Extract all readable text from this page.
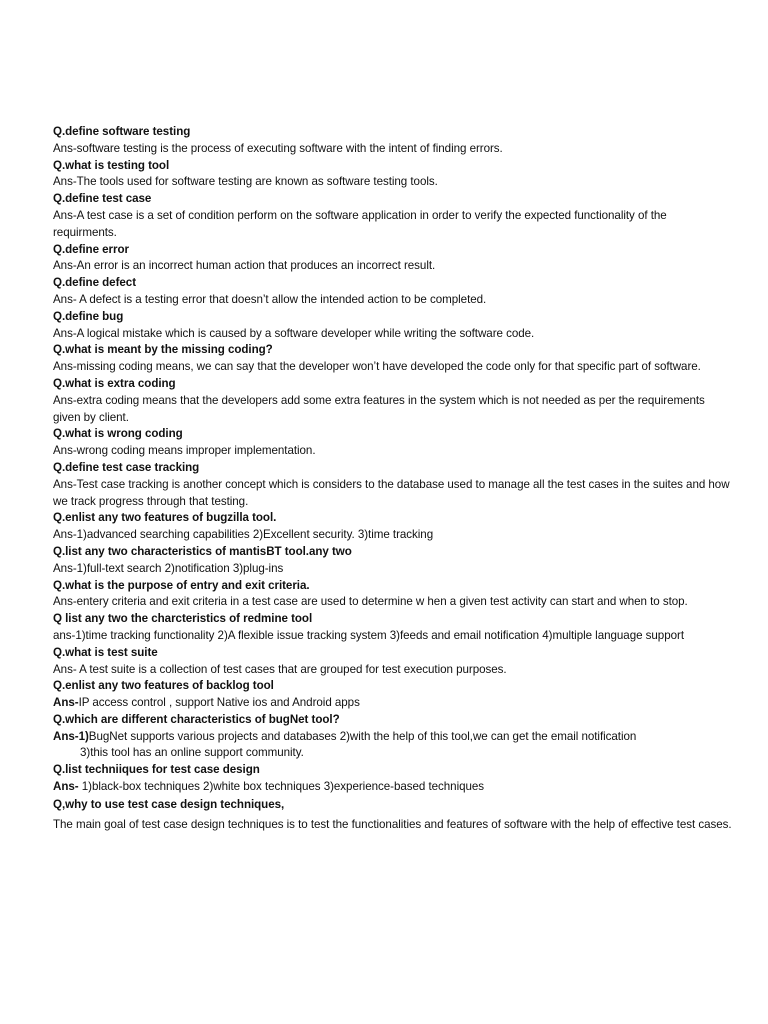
Q.define software testing
Ans-software testing is the process of executing software with the intent of finding errors.
Q.what is testing tool
Ans-The tools used for software testing are known as software testing tools.
Q.define test case
Ans-A test case is a set of condition perform on the software application in order to verify the expected functionality of the requirments.
Q.define error
Ans-An error is an incorrect human action that produces an incorrect result.
Q.define defect
Ans- A defect is a testing error that doesn’t allow the intended action to be completed.
Q.define bug
Ans-A logical mistake which is caused by a software developer while writing the software code.
Q.what is meant by the missing coding?
Ans-missing coding means, we can say that the developer won’t have developed the code only for that specific part of software.
Q.what is extra coding
Ans-extra coding means that the developers add some extra features in the system which is not needed as per the requirements given by client.
Q.what is wrong coding
Ans-wrong coding means improper implementation.
Q.define test case tracking
Ans-Test case tracking is another concept which is considers to the database used to manage all the test cases in the suites and how we track progress through that testing.
Q.enlist any two features of bugzilla tool.
Ans-1)advanced searching capabilities 2)Excellent security. 3)time tracking
Q.list any two characteristics of mantisBT tool.any two
Ans-1)full-text search 2)notification 3)plug-ins
Q.what is the purpose of entry and exit criteria.
Ans-entery criteria and exit criteria in a test case are used to determine w hen a given test activity can start and when to stop.
Q list any two the charcteristics of redmine tool
ans-1)time tracking functionality 2)A flexible issue tracking system 3)feeds and email notification 4)multiple language support
Q.what is test suite
Ans- A test suite is a collection of test cases that are grouped for test execution purposes.
Q.enlist any two features of backlog tool
Ans-IP access control , support Native ios and Android apps
Q.which are different characteristics of bugNet tool?
Ans-1)BugNet supports various projects and databases 2)with the help of this tool,we can get the email notification
3)this tool has an online support community.
Q.list techniiques for test case design
Ans- 1)black-box techniques 2)white box techniques 3)experience-based techniques
Q,why to use test case design techniques,
The main goal of test case design techniques is to test the functionalities and features of software with the help of effective test cases.
